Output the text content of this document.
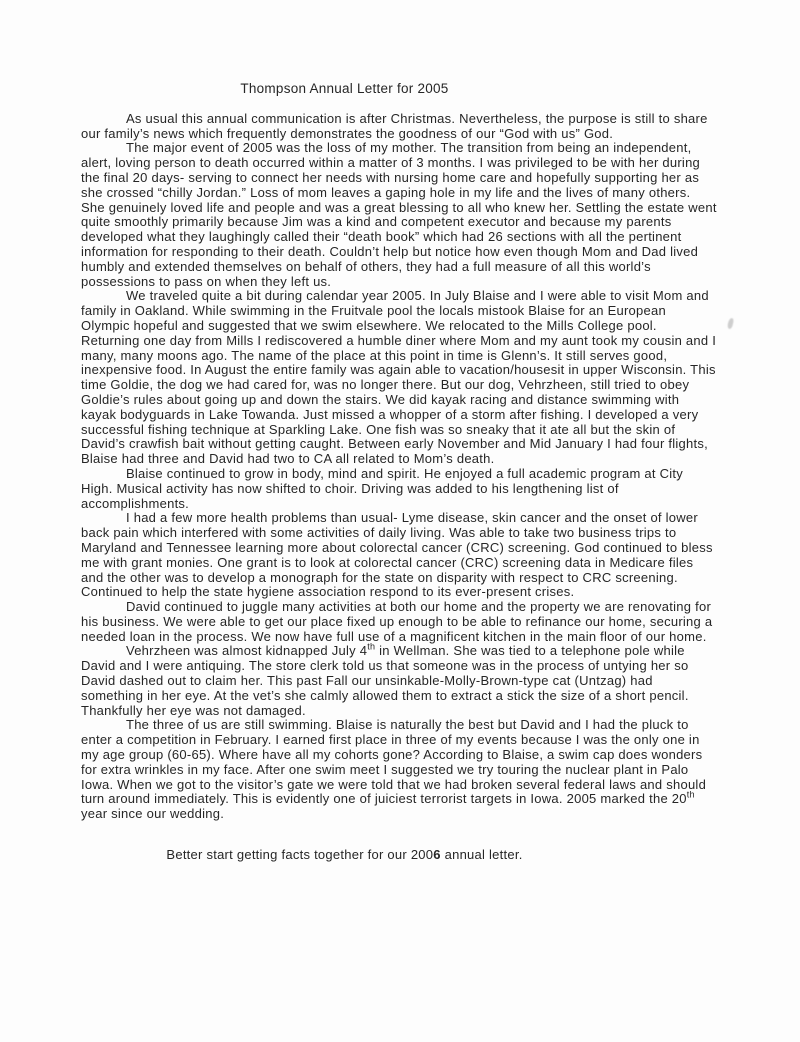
Thompson Annual Letter for 2005

As usual this annual communication is after Christmas. Nevertheless, the purpose is still to share our family’s news which frequently demonstrates the goodness of our “God with us” God.

The major event of 2005 was the loss of my mother. The transition from being an independent, alert, loving person to death occurred within a matter of 3 months. I was privileged to be with her during the final 20 days- serving to connect her needs with nursing home care and hopefully supporting her as she crossed “chilly Jordan.” Loss of mom leaves a gaping hole in my life and the lives of many others. She genuinely loved life and people and was a great blessing to all who knew her. Settling the estate went quite smoothly primarily because Jim was a kind and competent executor and because my parents developed what they laughingly called their “death book” which had 26 sections with all the pertinent information for responding to their death. Couldn’t help but notice how even though Mom and Dad lived humbly and extended themselves on behalf of others, they had a full measure of all this world’s possessions to pass on when they left us.

We traveled quite a bit during calendar year 2005. In July Blaise and I were able to visit Mom and family in Oakland. While swimming in the Fruitvale pool the locals mistook Blaise for an European Olympic hopeful and suggested that we swim elsewhere. We relocated to the Mills College pool. Returning one day from Mills I rediscovered a humble diner where Mom and my aunt took my cousin and I many, many moons ago. The name of the place at this point in time is Glenn’s. It still serves good, inexpensive food. In August the entire family was again able to vacation/housesit in upper Wisconsin. This time Goldie, the dog we had cared for, was no longer there. But our dog, Vehrzheen, still tried to obey Goldie’s rules about going up and down the stairs. We did kayak racing and distance swimming with kayak bodyguards in Lake Towanda. Just missed a whopper of a storm after fishing. I developed a very successful fishing technique at Sparkling Lake. One fish was so sneaky that it ate all but the skin of David’s crawfish bait without getting caught. Between early November and Mid January I had four flights, Blaise had three and David had two to CA all related to Mom’s death.

Blaise continued to grow in body, mind and spirit. He enjoyed a full academic program at City High. Musical activity has now shifted to choir. Driving was added to his lengthening list of accomplishments.

I had a few more health problems than usual- Lyme disease, skin cancer and the onset of lower back pain which interfered with some activities of daily living. Was able to take two business trips to Maryland and Tennessee learning more about colorectal cancer (CRC) screening. God continued to bless me with grant monies. One grant is to look at colorectal cancer (CRC) screening data in Medicare files and the other was to develop a monograph for the state on disparity with respect to CRC screening. Continued to help the state hygiene association respond to its ever-present crises.

David continued to juggle many activities at both our home and the property we are renovating for his business. We were able to get our place fixed up enough to be able to refinance our home, securing a needed loan in the process. We now have full use of a magnificent kitchen in the main floor of our home.

Vehrzheen was almost kidnapped July 4th in Wellman. She was tied to a telephone pole while David and I were antiquing. The store clerk told us that someone was in the process of untying her so David dashed out to claim her. This past Fall our unsinkable-Molly-Brown-type cat (Untzag) had something in her eye. At the vet’s she calmly allowed them to extract a stick the size of a short pencil. Thankfully her eye was not damaged.

The three of us are still swimming. Blaise is naturally the best but David and I had the pluck to enter a competition in February. I earned first place in three of my events because I was the only one in my age group (60-65). Where have all my cohorts gone? According to Blaise, a swim cap does wonders for extra wrinkles in my face. After one swim meet I suggested we try touring the nuclear plant in Palo Iowa. When we got to the visitor’s gate we were told that we had broken several federal laws and should turn around immediately. This is evidently one of juiciest terrorist targets in Iowa. 2005 marked the 20th year since our wedding.

Better start getting facts together for our 2006 annual letter.
